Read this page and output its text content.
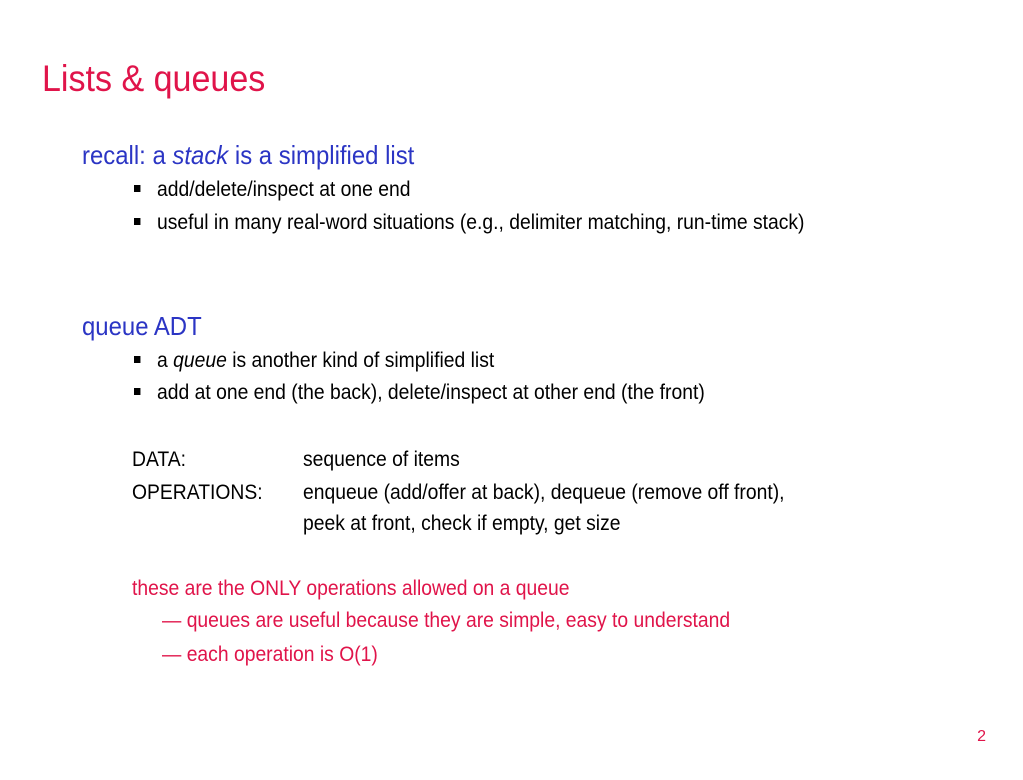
Lists & queues
recall: a stack is a simplified list
add/delete/inspect at one end
useful in many real-word situations (e.g., delimiter matching, run-time stack)
queue ADT
a queue is another kind of simplified list
add at one end (the back), delete/inspect at other end (the front)
DATA:	sequence of items
OPERATIONS: enqueue (add/offer at back), dequeue (remove off front),
peek at front, check if empty, get size
these are the ONLY operations allowed on a queue
— queues are useful because they are simple, easy to understand
— each operation is O(1)
2
